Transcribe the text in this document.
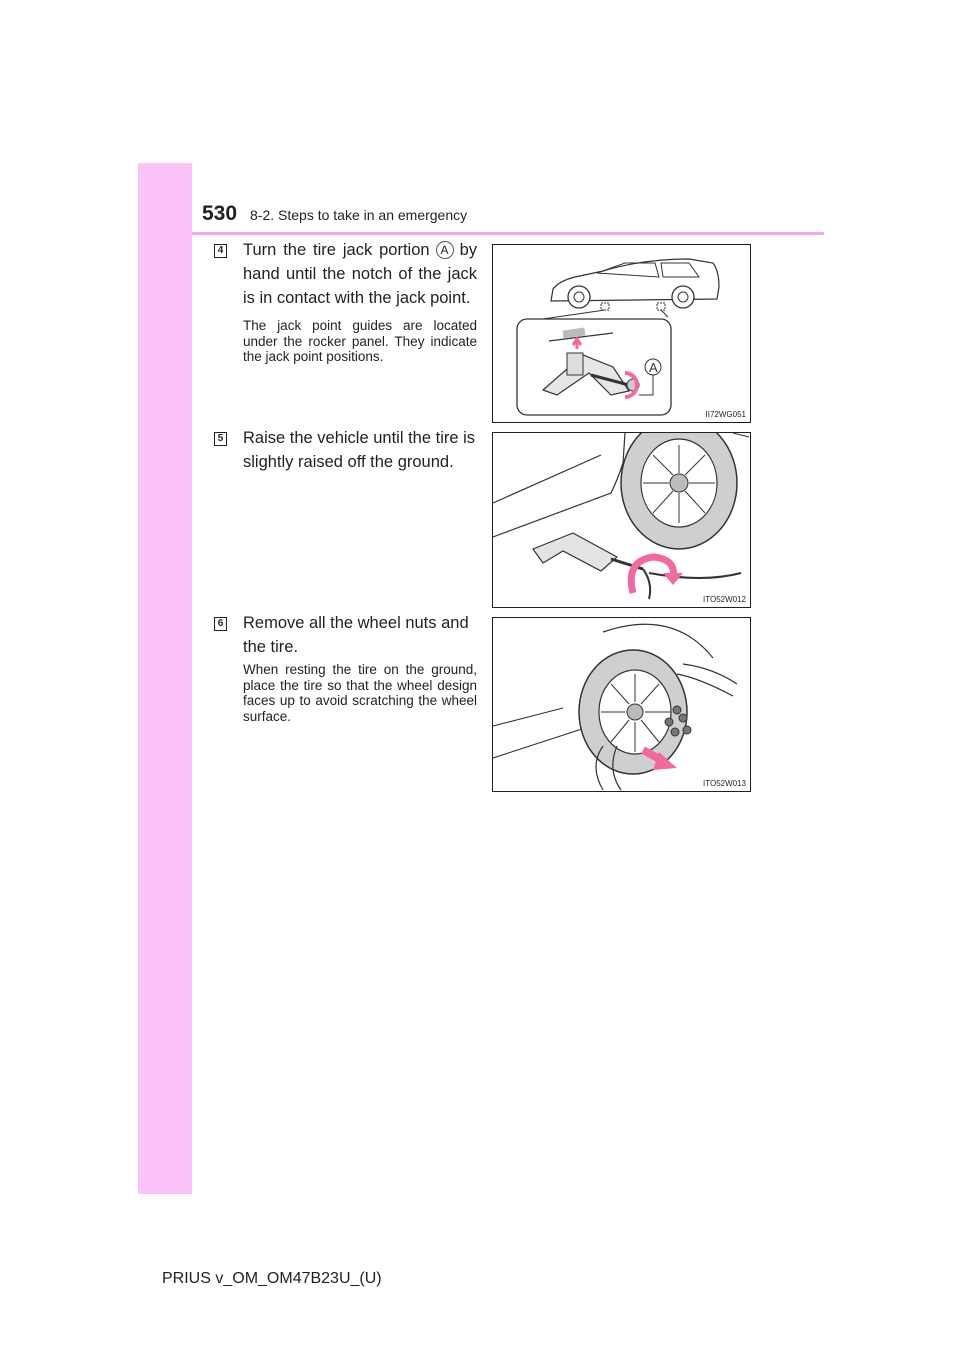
530 8-2. Steps to take in an emergency
4 Turn the tire jack portion A by hand until the notch of the jack is in contact with the jack point.
The jack point guides are located under the rocker panel. They indicate the jack point positions.
A
II72WG051
5 Raise the vehicle until the tire is slightly raised off the ground.
ITO52W012
6 Remove all the wheel nuts and the tire.
When resting the tire on the ground, place the tire so that the wheel design faces up to avoid scratching the wheel surface.
ITO52W013
PRIUS v_OM_OM47B23U_(U)
